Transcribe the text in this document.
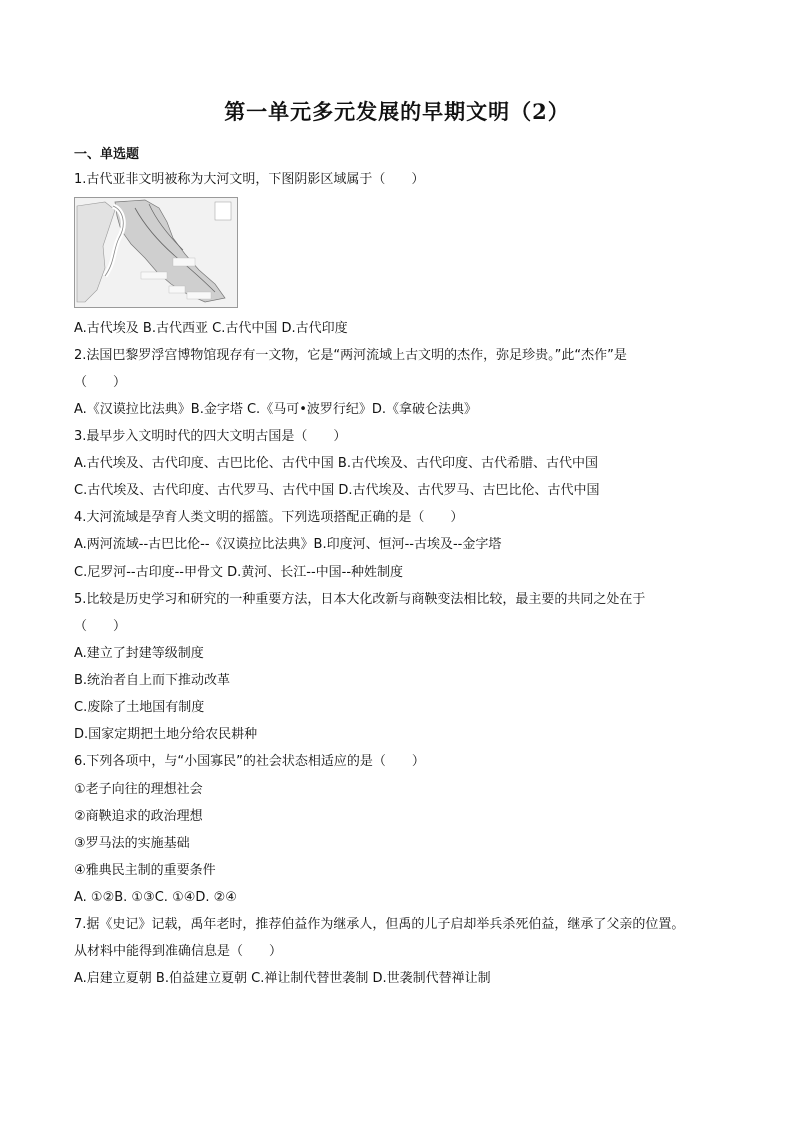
第一单元多元发展的早期文明（2）
一、单选题
1.古代亚非文明被称为大河文明，下图阴影区域属于（　　）
A.古代埃及 B.古代西亚 C.古代中国 D.古代印度
2.法国巴黎罗浮宫博物馆现存有一文物，它是“两河流域上古文明的杰作，弥足珍贵。”此“杰作”是
（　　）
A.《汉谟拉比法典》B.金字塔 C.《马可•波罗行纪》D.《拿破仑法典》
3.最早步入文明时代的四大文明古国是（　　）
A.古代埃及、古代印度、古巴比伦、古代中国 B.古代埃及、古代印度、古代希腊、古代中国
C.古代埃及、古代印度、古代罗马、古代中国 D.古代埃及、古代罗马、古巴比伦、古代中国
4.大河流域是孕育人类文明的摇篮。下列选项搭配正确的是（　　）
A.两河流域--古巴比伦--《汉谟拉比法典》B.印度河、恒河--古埃及--金字塔
C.尼罗河--古印度--甲骨文 D.黄河、长江--中国--种姓制度
5.比较是历史学习和研究的一种重要方法，日本大化改新与商鞅变法相比较，最主要的共同之处在于
（　　）
A.建立了封建等级制度
B.统治者自上而下推动改革
C.废除了土地国有制度
D.国家定期把土地分给农民耕种
6.下列各项中，与“小国寡民”的社会状态相适应的是（　　）
①老子向往的理想社会
②商鞅追求的政治理想
③罗马法的实施基础
④雅典民主制的重要条件
A. ①②B. ①③C. ①④D. ②④
7.据《史记》记载，禹年老时，推荐伯益作为继承人，但禹的儿子启却举兵杀死伯益，继承了父亲的位置。
从材料中能得到准确信息是（　　）
A.启建立夏朝 B.伯益建立夏朝 C.禅让制代替世袭制 D.世袭制代替禅让制
